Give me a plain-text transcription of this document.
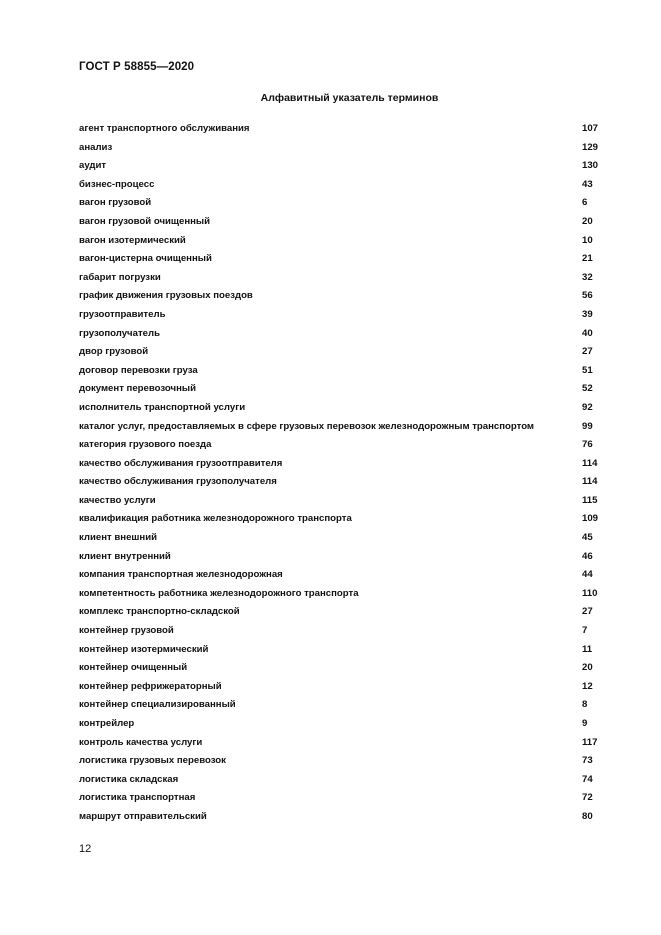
ГОСТ Р 58855—2020
Алфавитный указатель терминов
агент транспортного обслуживания	107
анализ	129
аудит	130
бизнес-процесс	43
вагон грузовой	6
вагон грузовой очищенный	20
вагон изотермический	10
вагон-цистерна очищенный	21
габарит погрузки	32
график движения грузовых поездов	56
грузоотправитель	39
грузополучатель	40
двор грузовой	27
договор перевозки груза	51
документ перевозочный	52
исполнитель транспортной услуги	92
каталог услуг, предоставляемых в сфере грузовых перевозок железнодорожным транспортом	99
категория грузового поезда	76
качество обслуживания грузоотправителя	114
качество обслуживания грузополучателя	114
качество услуги	115
квалификация работника железнодорожного транспорта	109
клиент внешний	45
клиент внутренний	46
компания транспортная железнодорожная	44
компетентность работника железнодорожного транспорта	110
комплекс транспортно-складской	27
контейнер грузовой	7
контейнер изотермический	11
контейнер очищенный	20
контейнер рефрижераторный	12
контейнер специализированный	8
контрейлер	9
контроль качества услуги	117
логистика грузовых перевозок	73
логистика складская	74
логистика транспортная	72
маршрут отправительский	80
12
